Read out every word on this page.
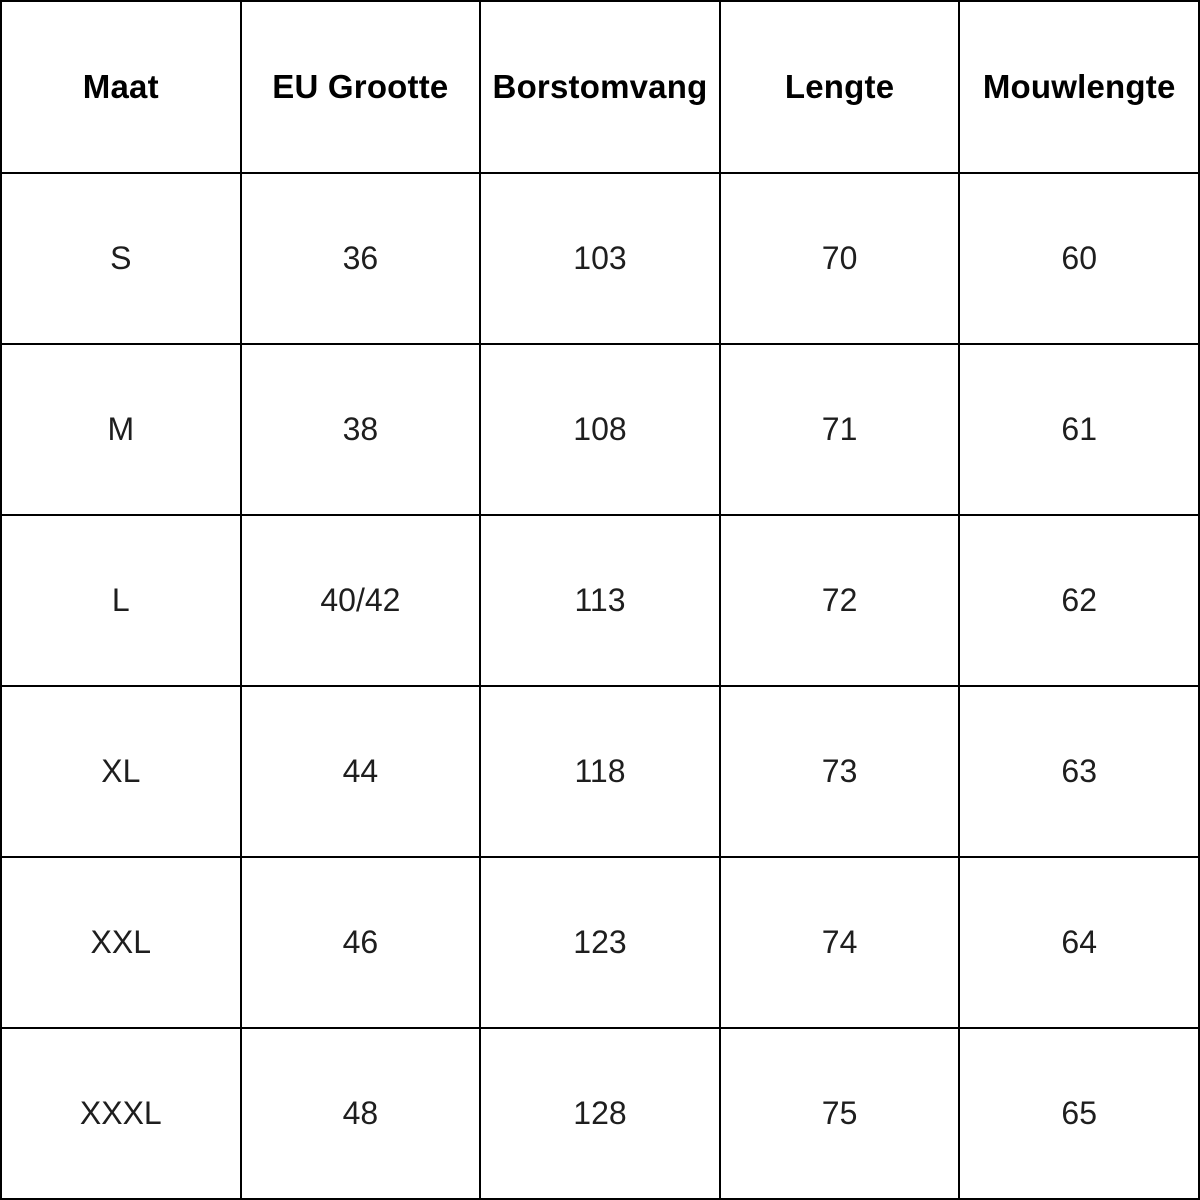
Maat	EU Grootte	Borstomvang	Lengte	Mouwlengte
S	36	103	70	60
M	38	108	71	61
L	40/42	113	72	62
XL	44	118	73	63
XXL	46	123	74	64
XXXL	48	128	75	65
